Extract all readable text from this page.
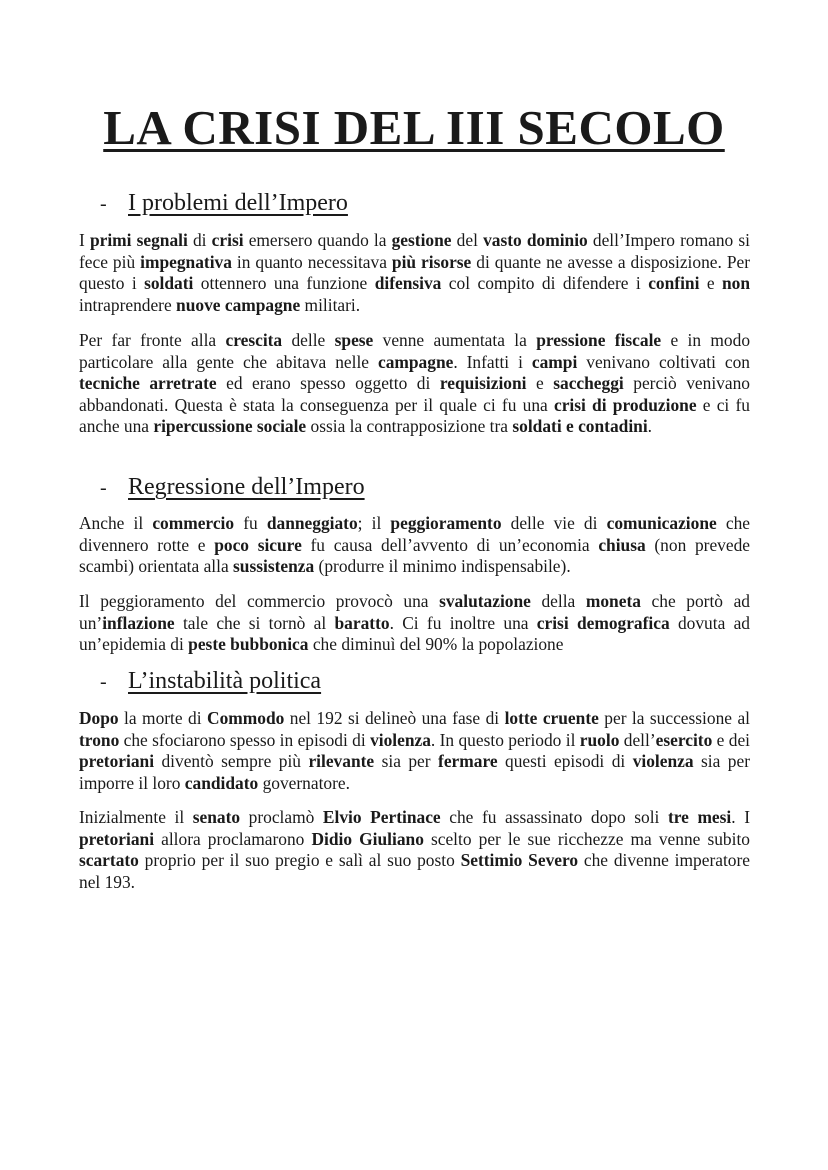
LA CRISI DEL III SECOLO
- I problemi dell’Impero

I primi segnali di crisi emersero quando la gestione del vasto dominio dell’Impero romano si fece più impegnativa in quanto necessitava più risorse di quante ne avesse a disposizione. Per questo i soldati ottennero una funzione difensiva col compito di difendere i confini e non intraprendere nuove campagne militari.

Per far fronte alla crescita delle spese venne aumentata la pressione fiscale e in modo particolare alla gente che abitava nelle campagne. Infatti i campi venivano coltivati con tecniche arretrate ed erano spesso oggetto di requisizioni e saccheggi perciò venivano abbandonati. Questa è stata la conseguenza per il quale ci fu una crisi di produzione e ci fu anche una ripercussione sociale ossia la contrapposizione tra soldati e contadini.

- Regressione dell’Impero

Anche il commercio fu danneggiato; il peggioramento delle vie di comunicazione che divennero rotte e poco sicure fu causa dell’avvento di un’economia chiusa (non prevede scambi) orientata alla sussistenza (produrre il minimo indispensabile).

Il peggioramento del commercio provocò una svalutazione della moneta che portò ad un’inflazione tale che si tornò al baratto. Ci fu inoltre una crisi demografica dovuta ad un’epidemia di peste bubbonica che diminuì del 90% la popolazione

- L’instabilità politica

Dopo la morte di Commodo nel 192 si delineò una fase di lotte cruente per la successione al trono che sfociarono spesso in episodi di violenza. In questo periodo il ruolo dell’esercito e dei pretoriani diventò sempre più rilevante sia per fermare questi episodi di violenza sia per imporre il loro candidato governatore.

Inizialmente il senato proclamò Elvio Pertinace che fu assassinato dopo soli tre mesi. I pretoriani allora proclamarono Didio Giuliano scelto per le sue ricchezze ma venne subito scartato proprio per il suo pregio e salì al suo posto Settimio Severo che divenne imperatore nel 193.
